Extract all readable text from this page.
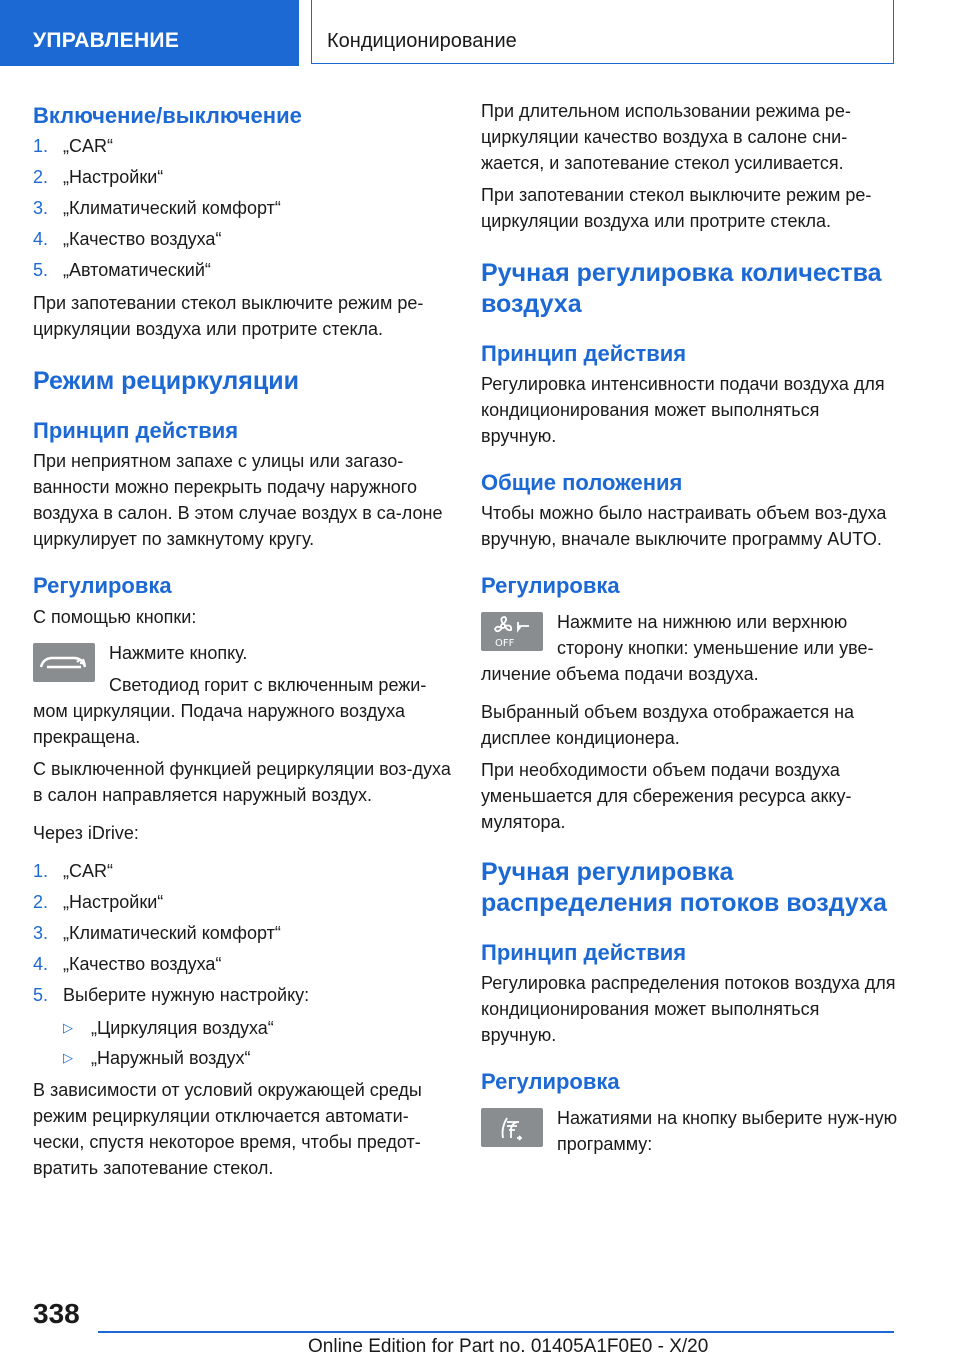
УПРАВЛЕНИЕ	Кондиционирование

Включение/выключение

1. „CAR“
2. „Настройки“
3. „Климатический комфорт“
4. „Качество воздуха“
5. „Автоматический“

При запотевании стекол выключите режим ре-циркуляции воздуха или протрите стекла.

Режим рециркуляции

Принцип действия

При неприятном запахе с улицы или загазо-ванности можно перекрыть подачу наружного воздуха в салон. В этом случае воздух в са-лоне циркулирует по замкнутому кругу.

Регулировка

С помощью кнопки:

Нажмите кнопку.

Светодиод горит с включенным режи-мом циркуляции. Подача наружного воздуха прекращена.

С выключенной функцией рециркуляции воз-духа в салон направляется наружный воздух.

Через iDrive:

1. „CAR“
2. „Настройки“
3. „Климатический комфорт“
4. „Качество воздуха“
5. Выберите нужную настройку:
▷ „Циркуляция воздуха“
▷ „Наружный воздух“

В зависимости от условий окружающей среды режим рециркуляции отключается автомати-чески, спустя некоторое время, чтобы предот-вратить запотевание стекол.

При длительном использовании режима ре-циркуляции качество воздуха в салоне сни-жается, и запотевание стекол усиливается.

При запотевании стекол выключите режим ре-циркуляции воздуха или протрите стекла.

Ручная регулировка количества воздуха

Принцип действия

Регулировка интенсивности подачи воздуха для кондиционирования может выполняться вручную.

Общие положения

Чтобы можно было настраивать объем воз-духа вручную, вначале выключите программу AUTO.

Регулировка

OFF

Нажмите на нижнюю или верхнюю

сторону кнопки: уменьшение или уве-личение объема подачи воздуха.

Выбранный объем воздуха отображается на дисплее кондиционера.

При необходимости объем подачи воздуха уменьшается для сбережения ресурса акку-мулятора.

Ручная регулировка распределения потоков воздуха

Принцип действия

Регулировка распределения потоков воздуха для кондиционирования может выполняться вручную.

Регулировка

Нажатиями на кнопку выберите нуж-ную программу:

338
Online Edition for Part no. 01405A1F0E0 - X/20
